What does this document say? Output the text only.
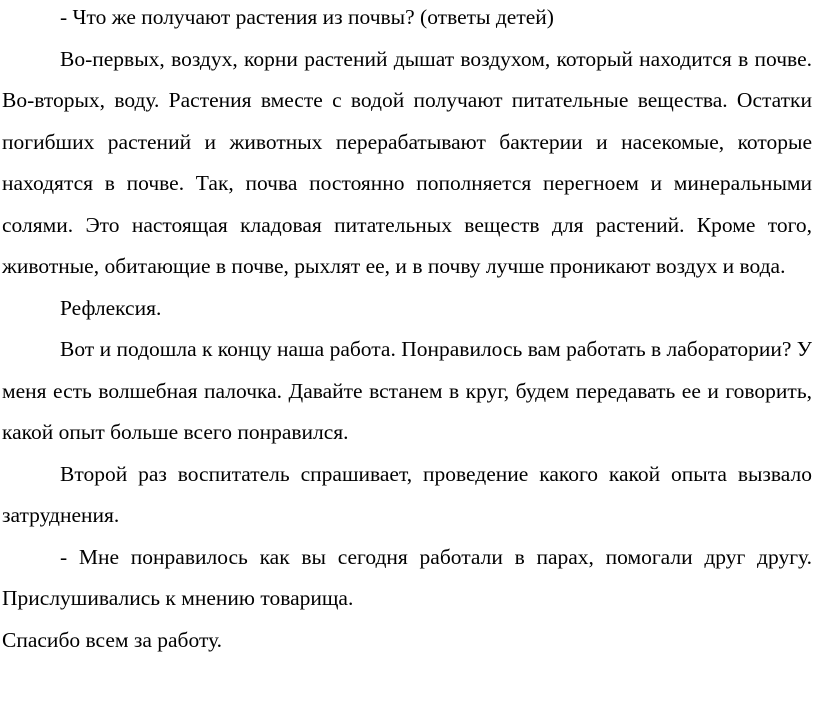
- Что же получают растения из почвы? (ответы детей)

Во-первых, воздух, корни растений дышат воздухом, который находится в почве. Во-вторых, воду. Растения вместе с водой получают питательные вещества. Остатки погибших растений и животных перерабатывают бактерии и насекомые, которые находятся в почве. Так, почва постоянно пополняется перегноем и минеральными солями. Это настоящая кладовая питательных веществ для растений. Кроме того, животные, обитающие в почве, рыхлят ее, и в почву лучше проникают воздух и вода.

Рефлексия.

Вот и подошла к концу наша работа. Понравилось вам работать в лаборатории? У меня есть волшебная палочка. Давайте встанем в круг, будем передавать ее и говорить, какой опыт больше всего понравился.

Второй раз воспитатель спрашивает, проведение какого какой опыта вызвало затруднения.

- Мне понравилось как вы сегодня работали в парах, помогали друг другу. Прислушивались к мнению товарища.

Спасибо всем за работу.
